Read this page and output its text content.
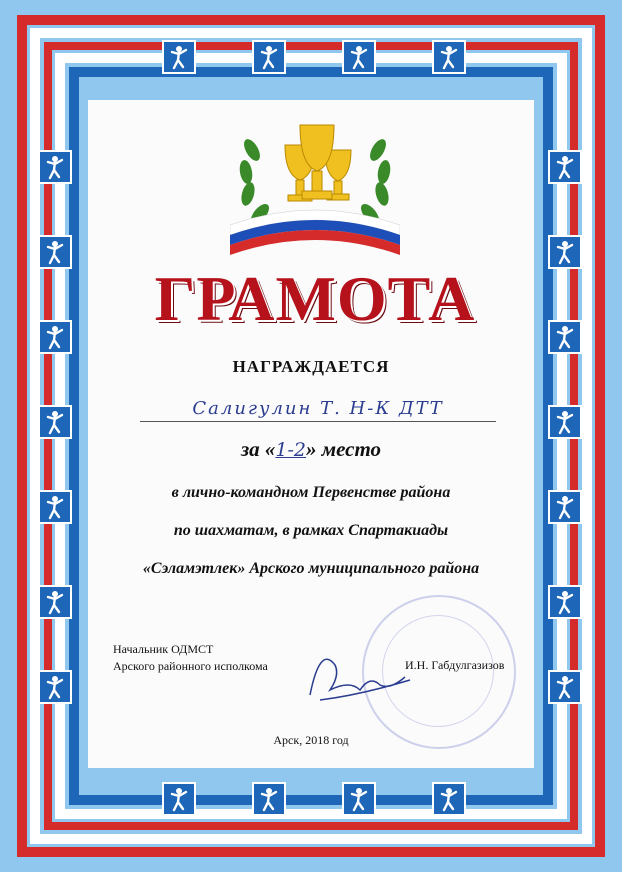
ГРАМОТА
НАГРАЖДАЕТСЯ
Салигулин Т. Н-К ДТТ
за «1-2» место
в лично-командном Первенстве района
по шахматам, в рамках Спартакиады
«Сэламэтлек» Арского муниципального района
Начальник ОДМСТ
Арского районного исполкома	И.Н. Габдулгазизов
Арск, 2018 год
